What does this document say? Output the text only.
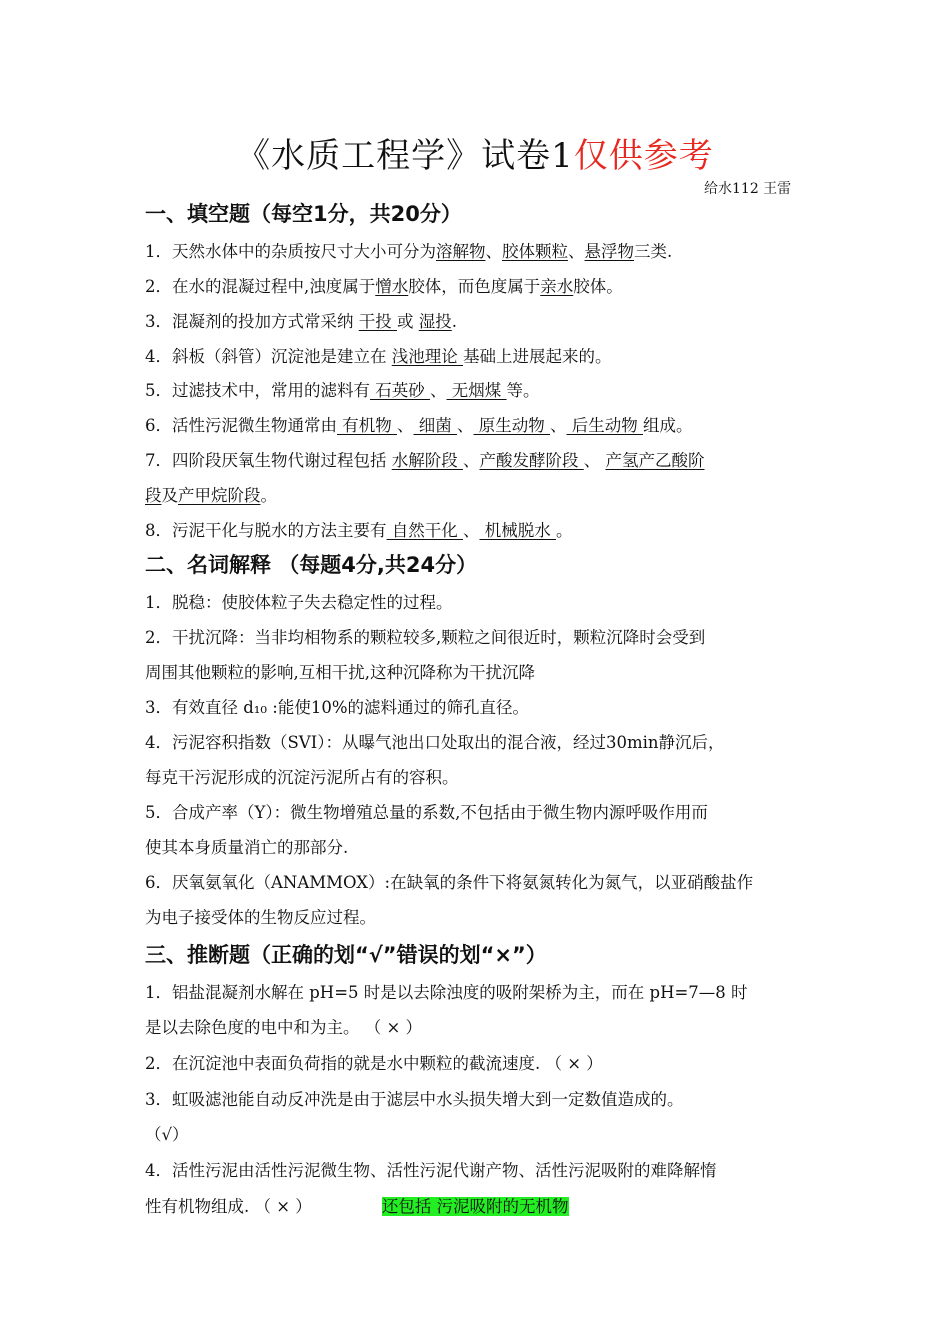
《水质工程学》试卷1仅供参考
给水112 王雷
一、填空题（每空1分，共20分）
1．天然水体中的杂质按尺寸大小可分为溶解物、胶体颗粒、悬浮物三类.
2．在水的混凝过程中,浊度属于憎水胶体，而色度属于亲水胶体。
3．混凝剂的投加方式常采纳 干投 或 湿投.
4．斜板（斜管）沉淀池是建立在 浅池理论 基础上进展起来的。
5．过滤技术中，常用的滤料有 石英砂 、 无烟煤 等。
6．活性污泥微生物通常由 有机物 、 细菌 、 原生动物 、 后生动物 组成。
7．四阶段厌氧生物代谢过程包括 水解阶段 、产酸发酵阶段 、 产氢产乙酸阶
段及产甲烷阶段。
8．污泥干化与脱水的方法主要有 自然干化 、 机械脱水 。
二、名词解释 （每题4分,共24分）
1．脱稳：使胶体粒子失去稳定性的过程。
2．干扰沉降：当非均相物系的颗粒较多,颗粒之间很近时，颗粒沉降时会受到
周围其他颗粒的影响,互相干扰,这种沉降称为干扰沉降
3．有效直径 d₁₀ :能使10%的滤料通过的筛孔直径。
4．污泥容积指数（SVI）：从曝气池出口处取出的混合液，经过30min静沉后，
每克干污泥形成的沉淀污泥所占有的容积。
5．合成产率（Y）：微生物增殖总量的系数,不包括由于微生物内源呼吸作用而
使其本身质量消亡的那部分.
6．厌氧氨氧化（ANAMMOX）:在缺氧的条件下将氨氮转化为氮气，以亚硝酸盐作
为电子接受体的生物反应过程。
三、推断题（正确的划“√”错误的划“×”）
1．铝盐混凝剂水解在 pH=5 时是以去除浊度的吸附架桥为主，而在 pH=7—8 时
是以去除色度的电中和为主。 （ × ）
2．在沉淀池中表面负荷指的就是水中颗粒的截流速度. （ × ）
3．虹吸滤池能自动反冲洗是由于滤层中水头损失增大到一定数值造成的。
（√）
4．活性污泥由活性污泥微生物、活性污泥代谢产物、活性污泥吸附的难降解惰
性有机物组成. （ × ）	还包括 污泥吸附的无机物
